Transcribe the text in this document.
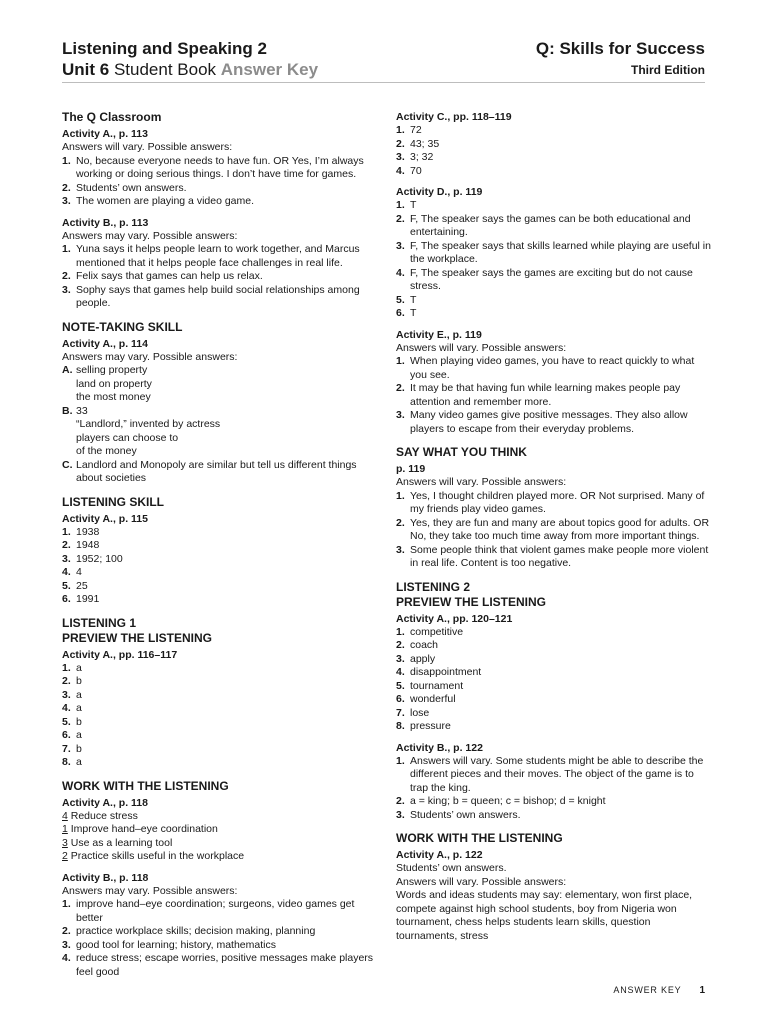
Listening and Speaking 2
Unit 6 Student Book Answer Key
Q: Skills for Success
Third Edition
The Q Classroom
Activity A., p. 113
Answers will vary. Possible answers:
1. No, because everyone needs to have fun. OR Yes, I’m always working or doing serious things. I don’t have time for games.
2. Students’ own answers.
3. The women are playing a video game.
Activity B., p. 113
Answers may vary. Possible answers:
1. Yuna says it helps people learn to work together, and Marcus mentioned that it helps people face challenges in real life.
2. Felix says that games can help us relax.
3. Sophy says that games help build social relationships among people.
NOTE-TAKING SKILL
Activity A., p. 114
Answers may vary. Possible answers:
A. selling property
land on property
the most money
B. 33
“Landlord,” invented by actress
players can choose to
of the money
C. Landlord and Monopoly are similar but tell us different things about societies
LISTENING SKILL
Activity A., p. 115
1. 1938
2. 1948
3. 1952; 100
4. 4
5. 25
6. 1991
LISTENING 1
PREVIEW THE LISTENING
Activity A., pp. 116–117
1. a
2. b
3. a
4. a
5. b
6. a
7. b
8. a
WORK WITH THE LISTENING
Activity A., p. 118
4 Reduce stress
1 Improve hand–eye coordination
3 Use as a learning tool
2 Practice skills useful in the workplace
Activity B., p. 118
Answers may vary. Possible answers:
1. improve hand–eye coordination; surgeons, video games get better
2. practice workplace skills; decision making, planning
3. good tool for learning; history, mathematics
4. reduce stress; escape worries, positive messages make players feel good
Activity C., pp. 118–119
1. 72
2. 43; 35
3. 3; 32
4. 70
Activity D., p. 119
1. T
2. F, The speaker says the games can be both educational and entertaining.
3. F, The speaker says that skills learned while playing are useful in the workplace.
4. F, The speaker says the games are exciting but do not cause stress.
5. T
6. T
Activity E., p. 119
Answers will vary. Possible answers:
1. When playing video games, you have to react quickly to what you see.
2. It may be that having fun while learning makes people pay attention and remember more.
3. Many video games give positive messages. They also allow players to escape from their everyday problems.
SAY WHAT YOU THINK
p. 119
Answers will vary. Possible answers:
1. Yes, I thought children played more. OR Not surprised. Many of my friends play video games.
2. Yes, they are fun and many are about topics good for adults. OR No, they take too much time away from more important things.
3. Some people think that violent games make people more violent in real life. Content is too negative.
LISTENING 2
PREVIEW THE LISTENING
Activity A., pp. 120–121
1. competitive
2. coach
3. apply
4. disappointment
5. tournament
6. wonderful
7. lose
8. pressure
Activity B., p. 122
1. Answers will vary. Some students might be able to describe the different pieces and their moves. The object of the game is to trap the king.
2. a = king; b = queen; c = bishop; d = knight
3. Students’ own answers.
WORK WITH THE LISTENING
Activity A., p. 122
Students’ own answers.
Answers will vary. Possible answers:
Words and ideas students may say: elementary, won first place, compete against high school students, boy from Nigeria won tournament, chess helps students learn skills, question tournaments, stress
ANSWER KEY 1
